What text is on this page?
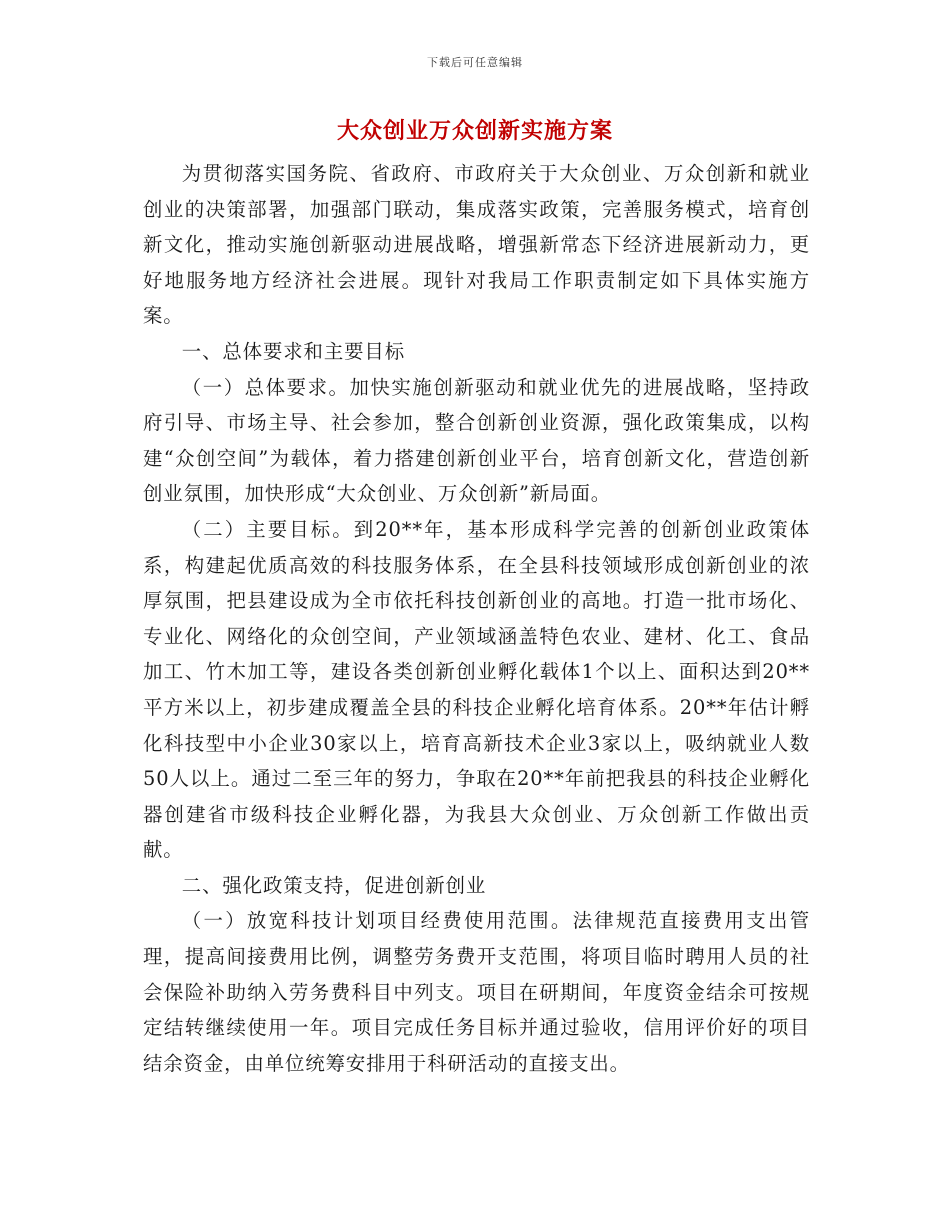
下载后可任意编辑
大众创业万众创新实施方案

为贯彻落实国务院、省政府、市政府关于大众创业、万众创新和就业创业的决策部署，加强部门联动，集成落实政策，完善服务模式，培育创新文化，推动实施创新驱动进展战略，增强新常态下经济进展新动力，更好地服务地方经济社会进展。现针对我局工作职责制定如下具体实施方案。

一、总体要求和主要目标

（一）总体要求。加快实施创新驱动和就业优先的进展战略，坚持政府引导、市场主导、社会参加，整合创新创业资源，强化政策集成，以构建“众创空间”为载体，着力搭建创新创业平台，培育创新文化，营造创新创业氛围，加快形成“大众创业、万众创新”新局面。

（二）主要目标。到20**年，基本形成科学完善的创新创业政策体系，构建起优质高效的科技服务体系，在全县科技领域形成创新创业的浓厚氛围，把县建设成为全市依托科技创新创业的高地。打造一批市场化、专业化、网络化的众创空间，产业领域涵盖特色农业、建材、化工、食品加工、竹木加工等，建设各类创新创业孵化载体1个以上、面积达到20**平方米以上，初步建成覆盖全县的科技企业孵化培育体系。20**年估计孵化科技型中小企业30家以上，培育高新技术企业3家以上，吸纳就业人数50人以上。通过二至三年的努力，争取在20**年前把我县的科技企业孵化器创建省市级科技企业孵化器，为我县大众创业、万众创新工作做出贡献。

二、强化政策支持，促进创新创业

（一）放宽科技计划项目经费使用范围。法律规范直接费用支出管理，提高间接费用比例，调整劳务费开支范围，将项目临时聘用人员的社会保险补助纳入劳务费科目中列支。项目在研期间，年度资金结余可按规定结转继续使用一年。项目完成任务目标并通过验收，信用评价好的项目结余资金，由单位统筹安排用于科研活动的直接支出。
